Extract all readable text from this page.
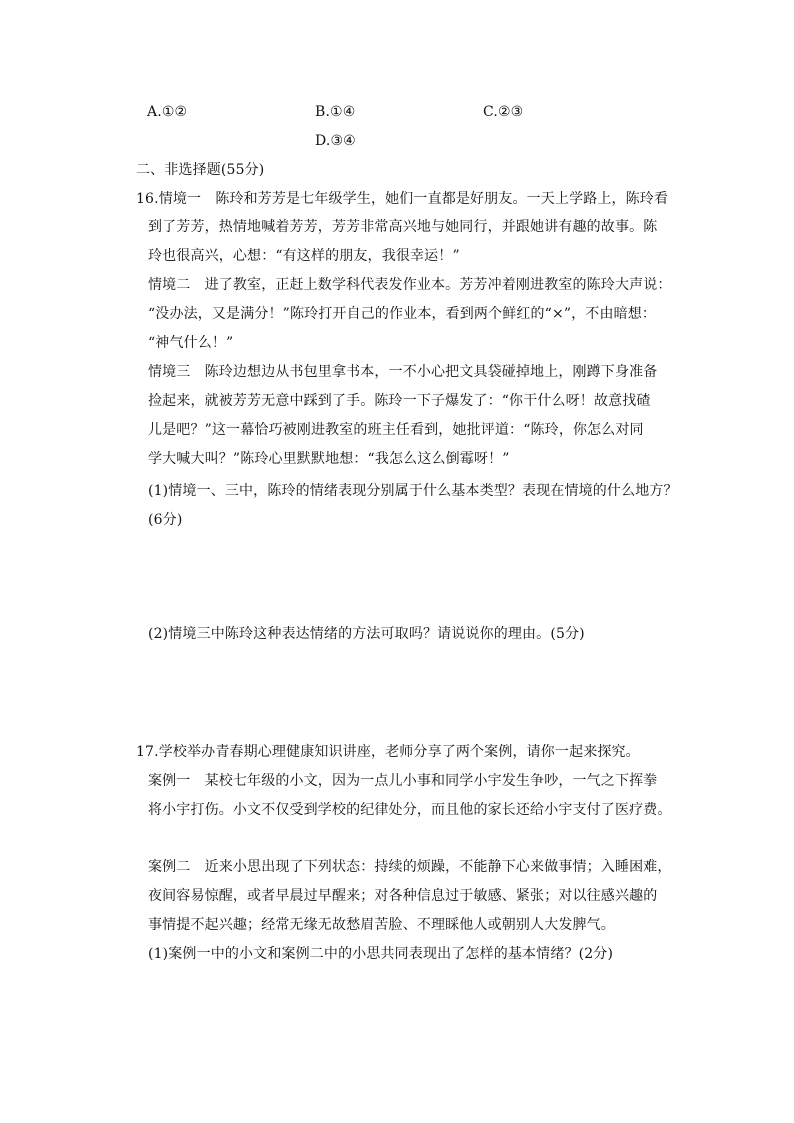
A.①②	B.①④	C.②③
D.③④
二、非选择题(55分)
16.情境一　陈玲和芳芳是七年级学生，她们一直都是好朋友。一天上学路上，陈玲看
到了芳芳，热情地喊着芳芳，芳芳非常高兴地与她同行，并跟她讲有趣的故事。陈
玲也很高兴，心想：“有这样的朋友，我很幸运！”
情境二　进了教室，正赶上数学科代表发作业本。芳芳冲着刚进教室的陈玲大声说：
“没办法，又是满分！”陈玲打开自己的作业本，看到两个鲜红的“×”，不由暗想：
“神气什么！”
情境三　陈玲边想边从书包里拿书本，一不小心把文具袋碰掉地上，刚蹲下身准备
捡起来，就被芳芳无意中踩到了手。陈玲一下子爆发了：“你干什么呀！故意找碴
儿是吧？”这一幕恰巧被刚进教室的班主任看到，她批评道：“陈玲，你怎么对同
学大喊大叫？”陈玲心里默默地想：“我怎么这么倒霉呀！”
(1)情境一、三中，陈玲的情绪表现分别属于什么基本类型？表现在情境的什么地方？
(6分)
(2)情境三中陈玲这种表达情绪的方法可取吗？请说说你的理由。(5分)
17.学校举办青春期心理健康知识讲座，老师分享了两个案例，请你一起来探究。
案例一　某校七年级的小文，因为一点儿小事和同学小宇发生争吵，一气之下挥拳
将小宇打伤。小文不仅受到学校的纪律处分，而且他的家长还给小宇支付了医疗费。
案例二　近来小思出现了下列状态：持续的烦躁，不能静下心来做事情；入睡困难，
夜间容易惊醒，或者早晨过早醒来；对各种信息过于敏感、紧张；对以往感兴趣的
事情提不起兴趣；经常无缘无故愁眉苦脸、不理睬他人或朝别人大发脾气。
(1)案例一中的小文和案例二中的小思共同表现出了怎样的基本情绪？(2分)
